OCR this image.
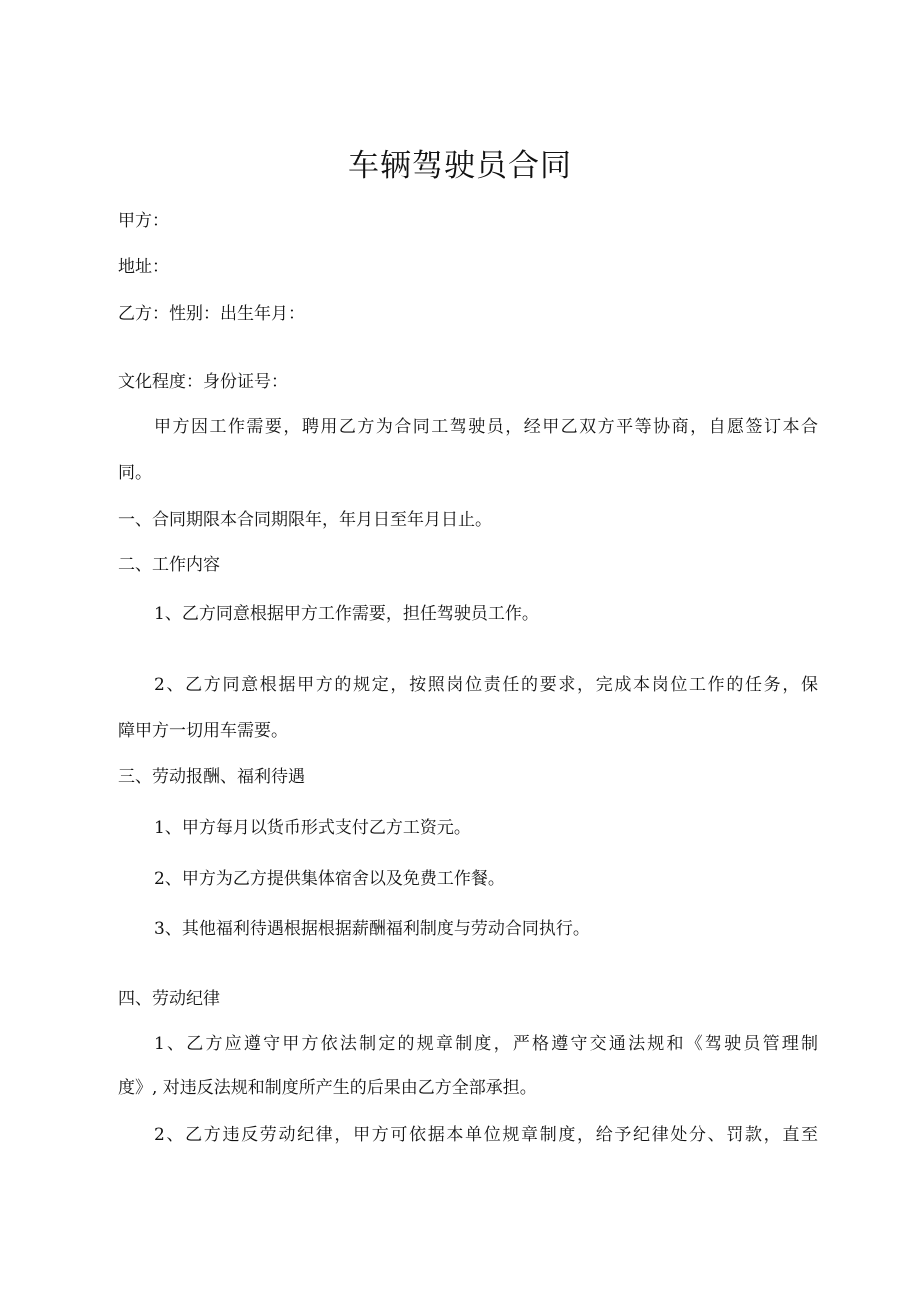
车辆驾驶员合同
甲方：
地址：
乙方：性别：出生年月：
文化程度：身份证号：
甲方因工作需要，聘用乙方为合同工驾驶员，经甲乙双方平等协商，自愿签订本合
同。
一、合同期限本合同期限年，年月日至年月日止。
二、工作内容
1、乙方同意根据甲方工作需要，担任驾驶员工作。
2、乙方同意根据甲方的规定，按照岗位责任的要求，完成本岗位工作的任务，保
障甲方一切用车需要。
三、劳动报酬、福利待遇
1、甲方每月以货币形式支付乙方工资元。
2、甲方为乙方提供集体宿舍以及免费工作餐。
3、其他福利待遇根据根据薪酬福利制度与劳动合同执行。
四、劳动纪律
1、乙方应遵守甲方依法制定的规章制度，严格遵守交通法规和《驾驶员管理制
度》, 对违反法规和制度所产生的后果由乙方全部承担。
2、乙方违反劳动纪律，甲方可依据本单位规章制度，给予纪律处分、罚款，直至
